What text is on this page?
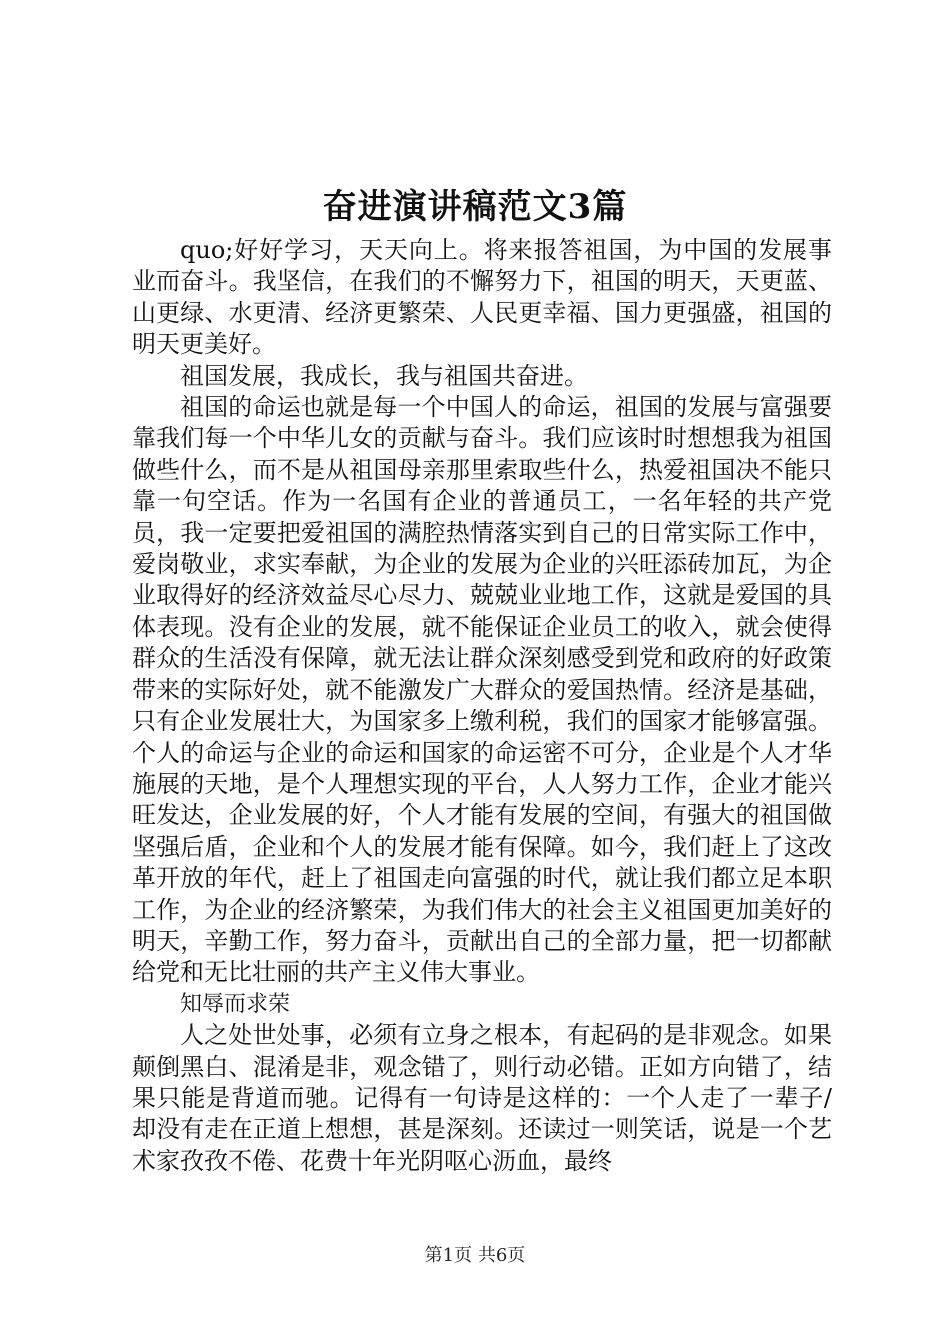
奋进演讲稿范文3篇

quo;好好学习，天天向上。将来报答祖国，为中国的发展事业而奋斗。我坚信，在我们的不懈努力下，祖国的明天，天更蓝、山更绿、水更清、经济更繁荣、人民更幸福、国力更强盛，祖国的明天更美好。

祖国发展，我成长，我与祖国共奋进。

祖国的命运也就是每一个中国人的命运，祖国的发展与富强要靠我们每一个中华儿女的贡献与奋斗。我们应该时时想想我为祖国做些什么，而不是从祖国母亲那里索取些什么，热爱祖国决不能只靠一句空话。作为一名国有企业的普通员工，一名年轻的共产党员，我一定要把爱祖国的满腔热情落实到自己的日常实际工作中，爱岗敬业，求实奉献，为企业的发展为企业的兴旺添砖加瓦，为企业取得好的经济效益尽心尽力、兢兢业业地工作，这就是爱国的具体表现。没有企业的发展，就不能保证企业员工的收入，就会使得群众的生活没有保障，就无法让群众深刻感受到党和政府的好政策带来的实际好处，就不能激发广大群众的爱国热情。经济是基础，只有企业发展壮大，为国家多上缴利税，我们的国家才能够富强。个人的命运与企业的命运和国家的命运密不可分，企业是个人才华施展的天地，是个人理想实现的平台，人人努力工作，企业才能兴旺发达，企业发展的好，个人才能有发展的空间，有强大的祖国做坚强后盾，企业和个人的发展才能有保障。如今，我们赶上了这改革开放的年代，赶上了祖国走向富强的时代，就让我们都立足本职工作，为企业的经济繁荣，为我们伟大的社会主义祖国更加美好的明天，辛勤工作，努力奋斗，贡献出自己的全部力量，把一切都献给党和无比壮丽的共产主义伟大事业。

知辱而求荣

人之处世处事，必须有立身之根本，有起码的是非观念。如果颠倒黑白、混淆是非，观念错了，则行动必错。正如方向错了，结果只能是背道而驰。记得有一句诗是这样的：一个人走了一辈子/却没有走在正道上想想，甚是深刻。还读过一则笑话，说是一个艺术家孜孜不倦、花费十年光阴呕心沥血，最终

第1页 共6页
